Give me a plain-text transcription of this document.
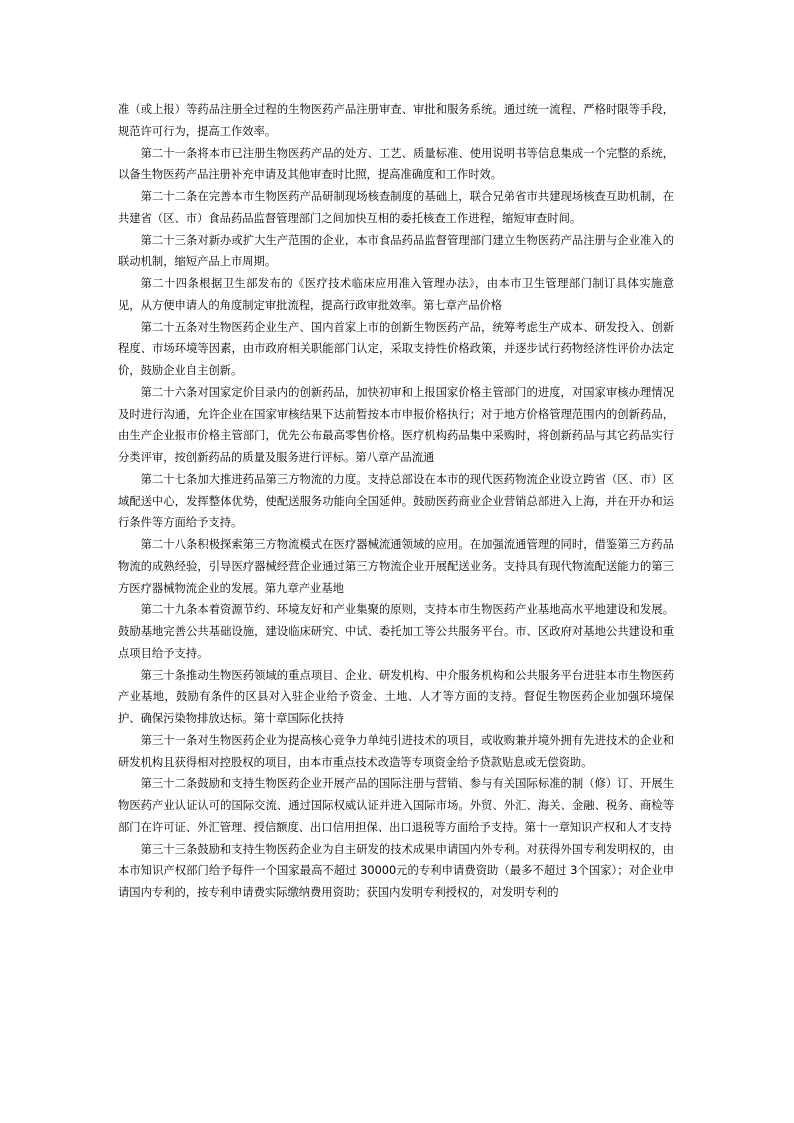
准（或上报）等药品注册全过程的生物医药产品注册审查、审批和服务系统。通过统一流程、严格时限等手段，规范许可行为，提高工作效率。

第二十一条将本市已注册生物医药产品的处方、工艺、质量标准、使用说明书等信息集成一个完整的系统，以备生物医药产品注册补充申请及其他审查时比照，提高准确度和工作时效。

第二十二条在完善本市生物医药产品研制现场核查制度的基础上，联合兄弟省市共建现场核查互助机制，在共建省（区、市）食品药品监督管理部门之间加快互相的委托核查工作进程，缩短审查时间。

第二十三条对新办或扩大生产范围的企业，本市食品药品监督管理部门建立生物医药产品注册与企业准入的联动机制，缩短产品上市周期。

第二十四条根据卫生部发布的《医疗技术临床应用准入管理办法》，由本市卫生管理部门制订具体实施意见，从方便申请人的角度制定审批流程，提高行政审批效率。第七章产品价格

第二十五条对生物医药企业生产、国内首家上市的创新生物医药产品，统筹考虑生产成本、研发投入、创新程度、市场环境等因素，由市政府相关职能部门认定，采取支持性价格政策，并逐步试行药物经济性评价办法定价，鼓励企业自主创新。

第二十六条对国家定价目录内的创新药品，加快初审和上报国家价格主管部门的进度，对国家审核办理情况及时进行沟通，允许企业在国家审核结果下达前暂按本市申报价格执行；对于地方价格管理范围内的创新药品，由生产企业报市价格主管部门，优先公布最高零售价格。医疗机构药品集中采购时，将创新药品与其它药品实行分类评审，按创新药品的质量及服务进行评标。第八章产品流通

第二十七条加大推进药品第三方物流的力度。支持总部设在本市的现代医药物流企业设立跨省（区、市）区域配送中心，发挥整体优势，使配送服务功能向全国延伸。鼓励医药商业企业营销总部进入上海，并在开办和运行条件等方面给予支持。

第二十八条积极探索第三方物流模式在医疗器械流通领域的应用。在加强流通管理的同时，借鉴第三方药品物流的成熟经验，引导医疗器械经营企业通过第三方物流企业开展配送业务。支持具有现代物流配送能力的第三方医疗器械物流企业的发展。第九章产业基地

第二十九条本着资源节约、环境友好和产业集聚的原则，支持本市生物医药产业基地高水平地建设和发展。鼓励基地完善公共基础设施，建设临床研究、中试、委托加工等公共服务平台。市、区政府对基地公共建设和重点项目给予支持。

第三十条推动生物医药领域的重点项目、企业、研发机构、中介服务机构和公共服务平台进驻本市生物医药产业基地，鼓励有条件的区县对入驻企业给予资金、土地、人才等方面的支持。督促生物医药企业加强环境保护、确保污染物排放达标。第十章国际化扶持

第三十一条对生物医药企业为提高核心竞争力单纯引进技术的项目，或收购兼并境外拥有先进技术的企业和研发机构且获得相对控股权的项目，由本市重点技术改造等专项资金给予贷款贴息或无偿资助。

第三十二条鼓励和支持生物医药企业开展产品的国际注册与营销、参与有关国际标准的制（修）订、开展生物医药产业认证认可的国际交流、通过国际权威认证并进入国际市场。外贸、外汇、海关、金融、税务、商检等部门在许可证、外汇管理、授信额度、出口信用担保、出口退税等方面给予支持。第十一章知识产权和人才支持

第三十三条鼓励和支持生物医药企业为自主研发的技术成果申请国内外专利。对获得外国专利发明权的，由本市知识产权部门给予每件一个国家最高不超过 30000元的专利申请费资助（最多不超过 3个国家）；对企业申请国内专利的，按专利申请费实际缴纳费用资助；获国内发明专利授权的，对发明专利的
